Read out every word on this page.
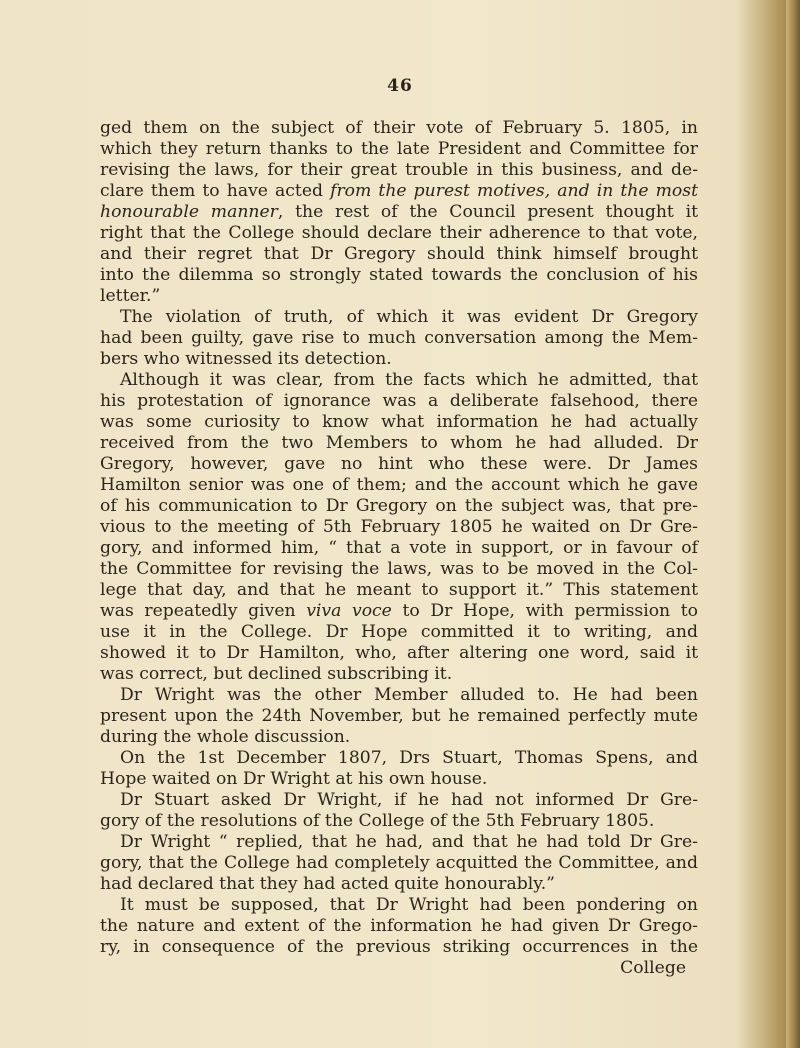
46
ged them on the subject of their vote of February 5. 1805, in
which they return thanks to the late President and Committee for
revising the laws, for their great trouble in this business, and de-
clare them to have acted from the purest motives, and in the most
honourable manner, the rest of the Council present thought it
right that the College should declare their adherence to that vote,
and their regret that Dr Gregory should think himself brought
into the dilemma so strongly stated towards the conclusion of his
letter.”
The violation of truth, of which it was evident Dr Gregory
had been guilty, gave rise to much conversation among the Mem-
bers who witnessed its detection.
Although it was clear, from the facts which he admitted, that
his protestation of ignorance was a deliberate falsehood, there
was some curiosity to know what information he had actually
received from the two Members to whom he had alluded. Dr
Gregory, however, gave no hint who these were. Dr James
Hamilton senior was one of them; and the account which he gave
of his communication to Dr Gregory on the subject was, that pre-
vious to the meeting of 5th February 1805 he waited on Dr Gre-
gory, and informed him, “ that a vote in support, or in favour of
the Committee for revising the laws, was to be moved in the Col-
lege that day, and that he meant to support it.” This statement
was repeatedly given viva voce to Dr Hope, with permission to
use it in the College. Dr Hope committed it to writing, and
showed it to Dr Hamilton, who, after altering one word, said it
was correct, but declined subscribing it.
Dr Wright was the other Member alluded to. He had been
present upon the 24th November, but he remained perfectly mute
during the whole discussion.
On the 1st December 1807, Drs Stuart, Thomas Spens, and
Hope waited on Dr Wright at his own house.
Dr Stuart asked Dr Wright, if he had not informed Dr Gre-
gory of the resolutions of the College of the 5th February 1805.
Dr Wright “ replied, that he had, and that he had told Dr Gre-
gory, that the College had completely acquitted the Committee, and
had declared that they had acted quite honourably.”
It must be supposed, that Dr Wright had been pondering on
the nature and extent of the information he had given Dr Grego-
ry, in consequence of the previous striking occurrences in the
College
